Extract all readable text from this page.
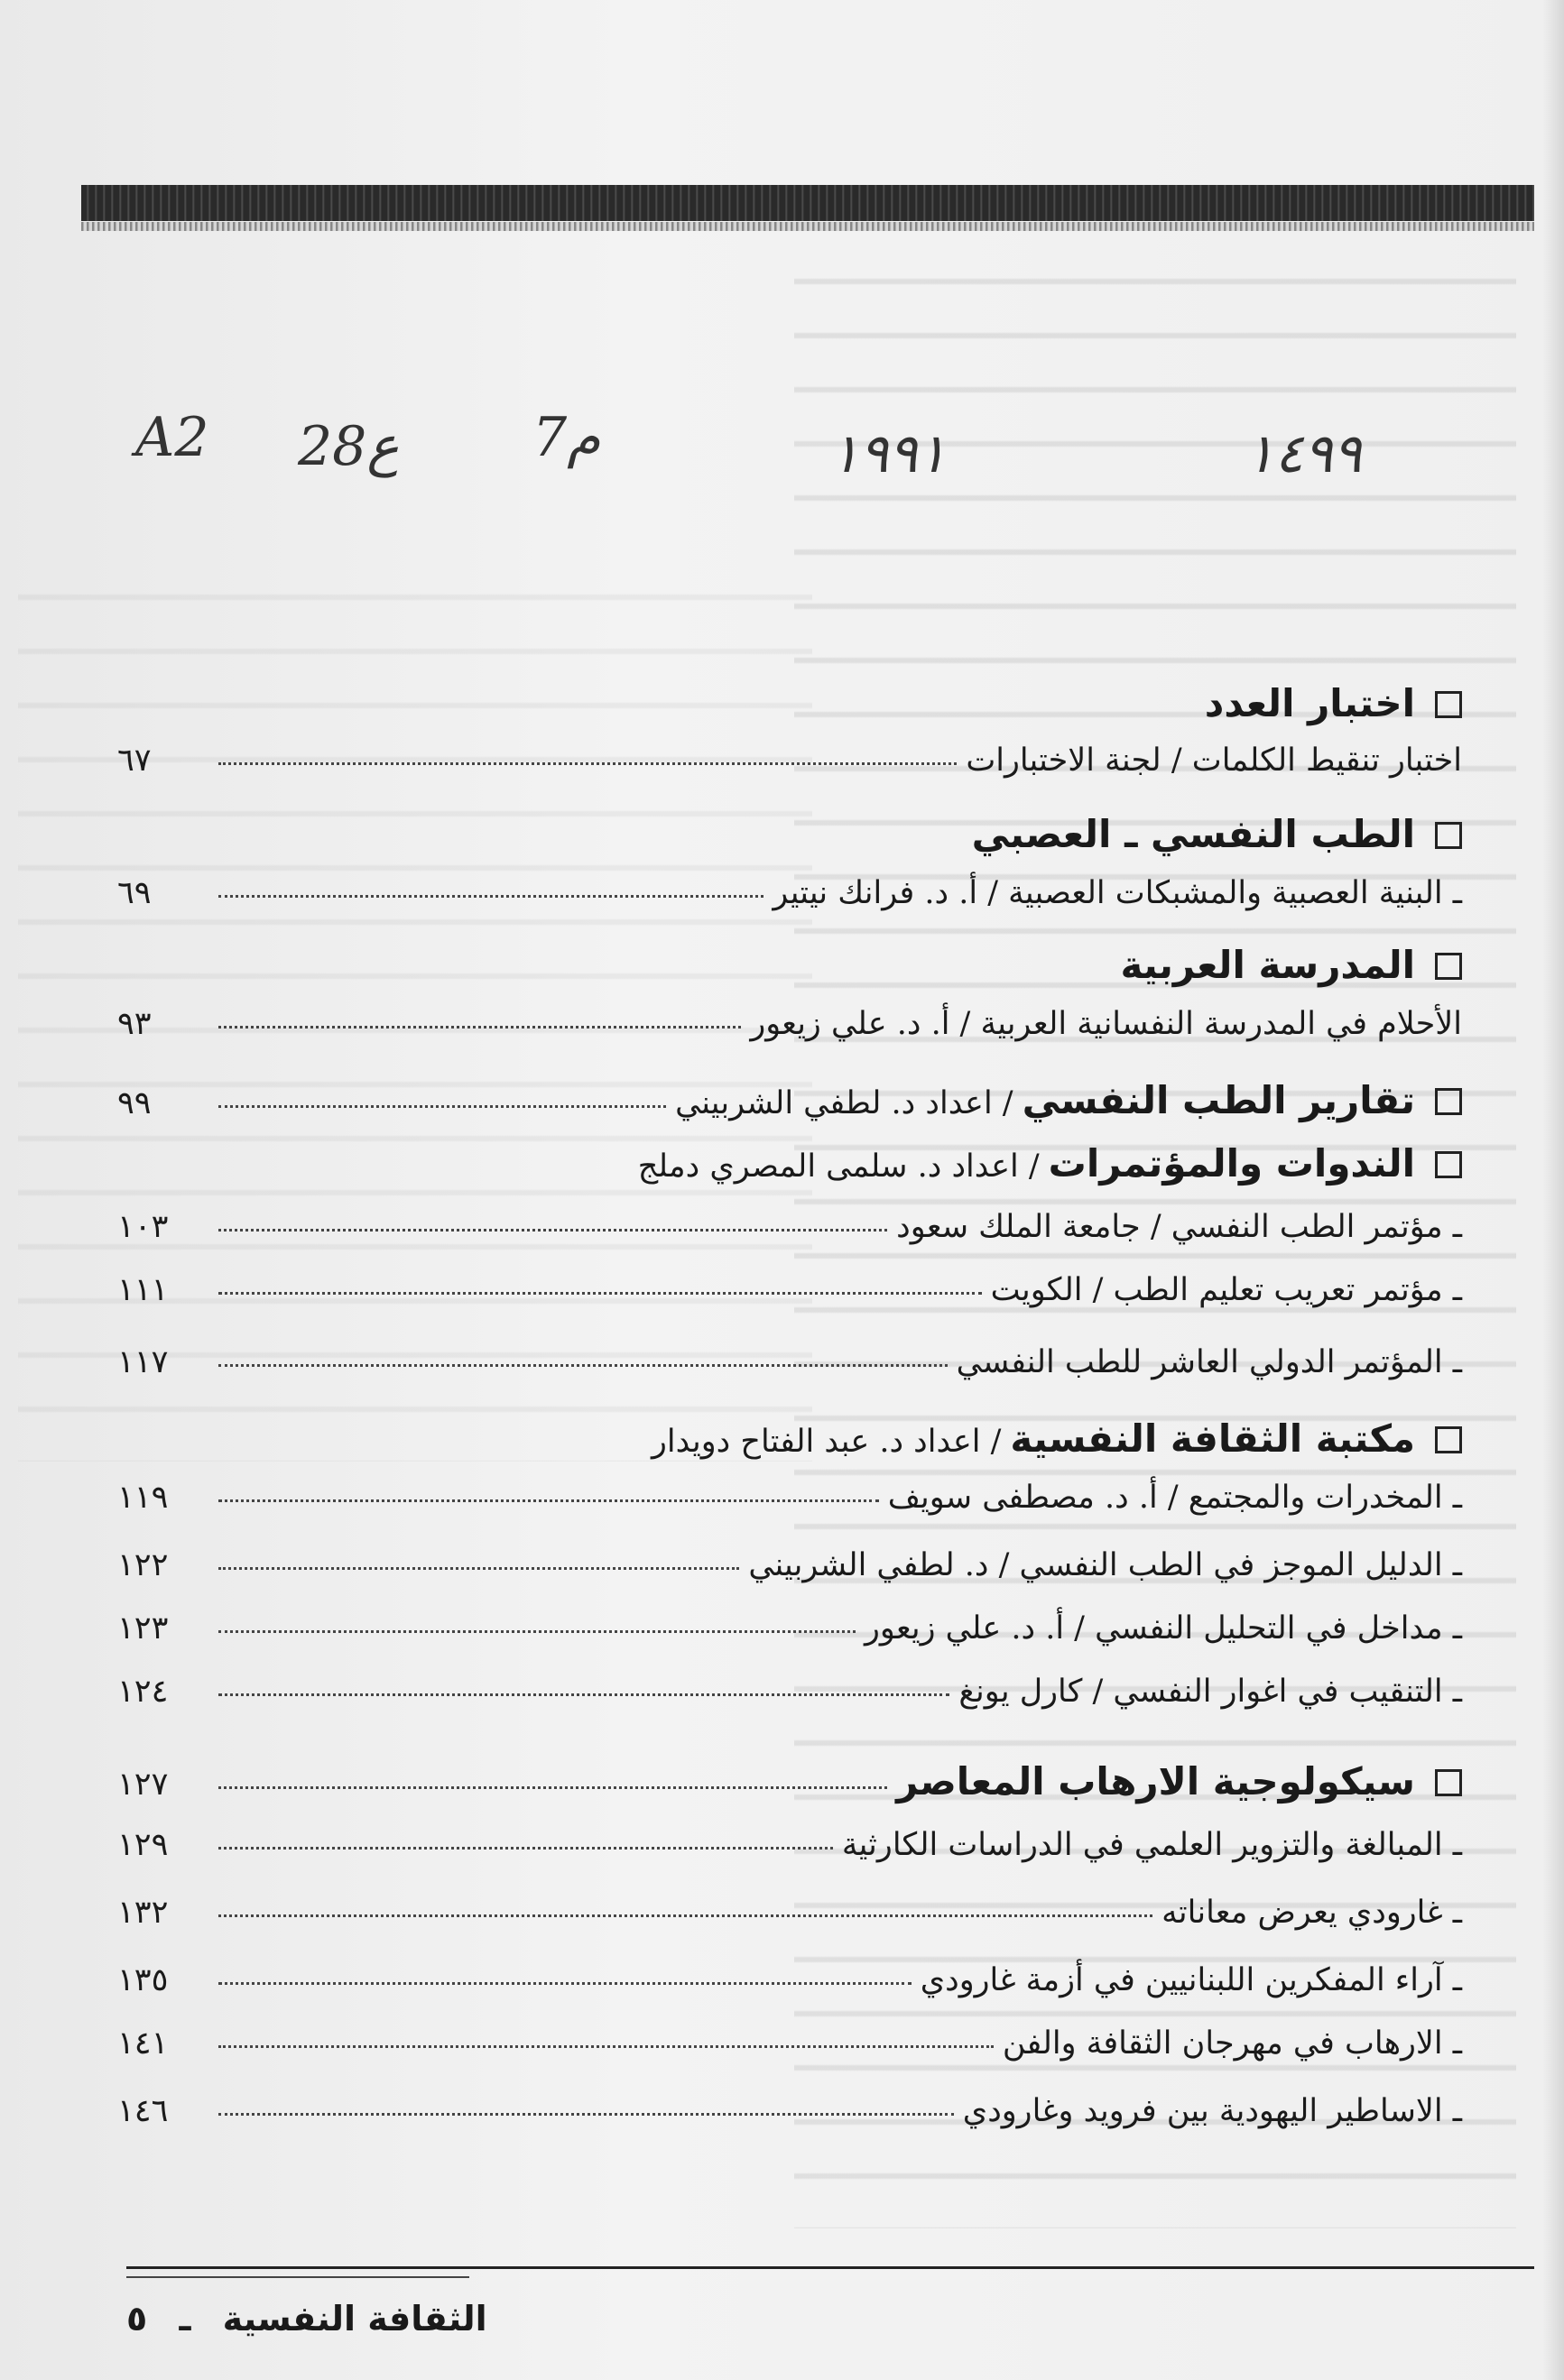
A2 28ع 7م	١٩٩١	١٤٩٩
اختبار العدد
اختبار تنقيط الكلمات / لجنة الاختبارات
٦٧
الطب النفسي ـ العصبي
ـ البنية العصبية والمشبكات العصبية / أ. د. فرانك نيتير
٦٩
المدرسة العربية
الأحلام في المدرسة النفسانية العربية / أ. د. علي زيعور
٩٣
تقارير الطب النفسي
/ اعداد د. لطفي الشربيني
٩٩
الندوات والمؤتمرات
/ اعداد د. سلمى المصري دملج
ـ مؤتمر الطب النفسي / جامعة الملك سعود
١٠٣
ـ مؤتمر تعريب تعليم الطب / الكويت
١١١
ـ المؤتمر الدولي العاشر للطب النفسي
١١٧
مكتبة الثقافة النفسية
/ اعداد د. عبد الفتاح دويدار
ـ المخدرات والمجتمع / أ. د. مصطفى سويف
١١٩
ـ الدليل الموجز في الطب النفسي / د. لطفي الشربيني
١٢٢
ـ مداخل في التحليل النفسي / أ. د. علي زيعور
١٢٣
ـ التنقيب في اغوار النفسي / كارل يونغ
١٢٤
سيكولوجية الارهاب المعاصر
١٢٧
ـ المبالغة والتزوير العلمي في الدراسات الكارثية
١٢٩
ـ غارودي يعرض معاناته
١٣٢
ـ آراء المفكرين اللبنانيين في أزمة غارودي
١٣٥
ـ الارهاب في مهرجان الثقافة والفن
١٤١
ـ الاساطير اليهودية بين فرويد وغارودي
١٤٦
الثقافة النفسية ـ ٥
